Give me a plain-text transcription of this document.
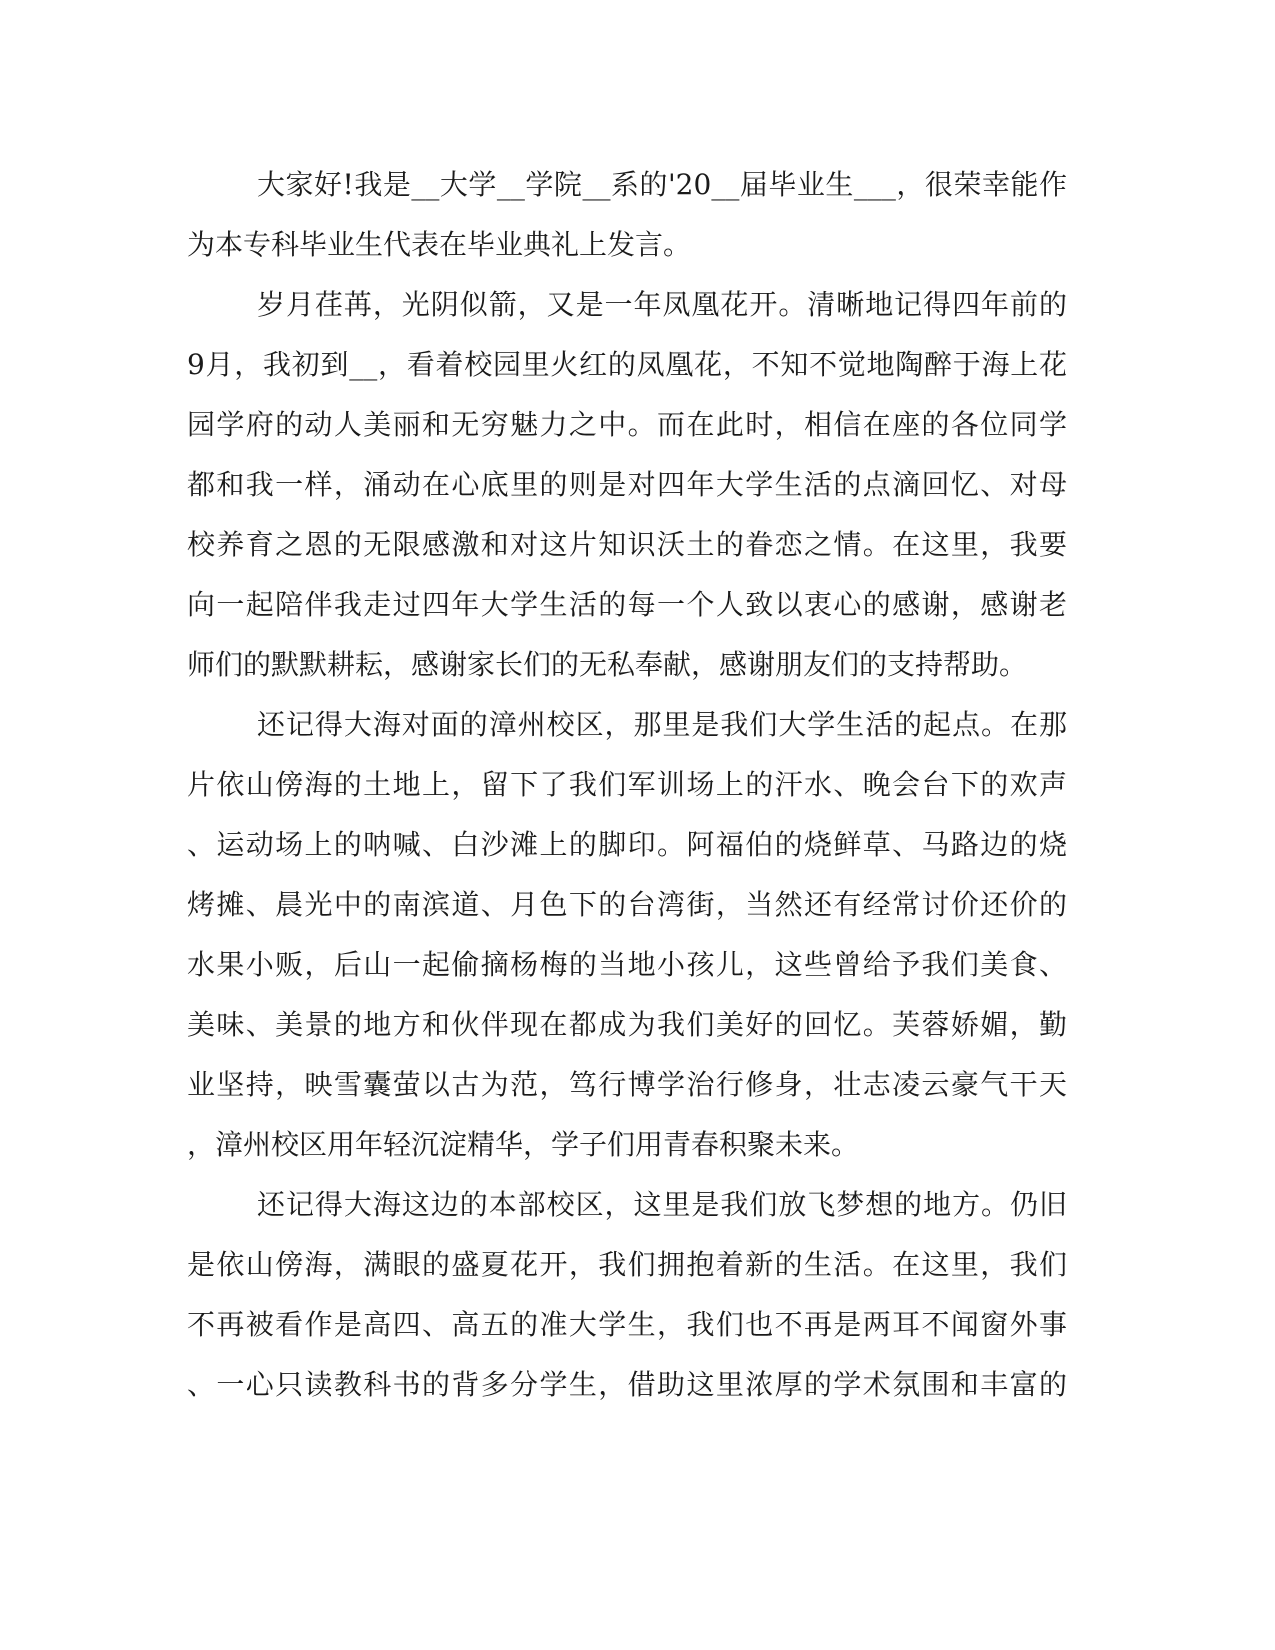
大家好!我是__大学__学院__系的'20__届毕业生___，很荣幸能作
为本专科毕业生代表在毕业典礼上发言。
岁月荏苒，光阴似箭，又是一年凤凰花开。清晰地记得四年前的
9月，我初到__，看着校园里火红的凤凰花，不知不觉地陶醉于海上花
园学府的动人美丽和无穷魅力之中。而在此时，相信在座的各位同学
都和我一样，涌动在心底里的则是对四年大学生活的点滴回忆、对母
校养育之恩的无限感激和对这片知识沃土的眷恋之情。在这里，我要
向一起陪伴我走过四年大学生活的每一个人致以衷心的感谢，感谢老
师们的默默耕耘，感谢家长们的无私奉献，感谢朋友们的支持帮助。
还记得大海对面的漳州校区，那里是我们大学生活的起点。在那
片依山傍海的土地上，留下了我们军训场上的汗水、晚会台下的欢声
、运动场上的呐喊、白沙滩上的脚印。阿福伯的烧鲜草、马路边的烧
烤摊、晨光中的南滨道、月色下的台湾街，当然还有经常讨价还价的
水果小贩，后山一起偷摘杨梅的当地小孩儿，这些曾给予我们美食、
美味、美景的地方和伙伴现在都成为我们美好的回忆。芙蓉娇媚，勤
业坚持，映雪囊萤以古为范，笃行博学治行修身，壮志凌云豪气干天
，漳州校区用年轻沉淀精华，学子们用青春积聚未来。
还记得大海这边的本部校区，这里是我们放飞梦想的地方。仍旧
是依山傍海，满眼的盛夏花开，我们拥抱着新的生活。在这里，我们
不再被看作是高四、高五的准大学生，我们也不再是两耳不闻窗外事
、一心只读教科书的背多分学生，借助这里浓厚的学术氛围和丰富的
